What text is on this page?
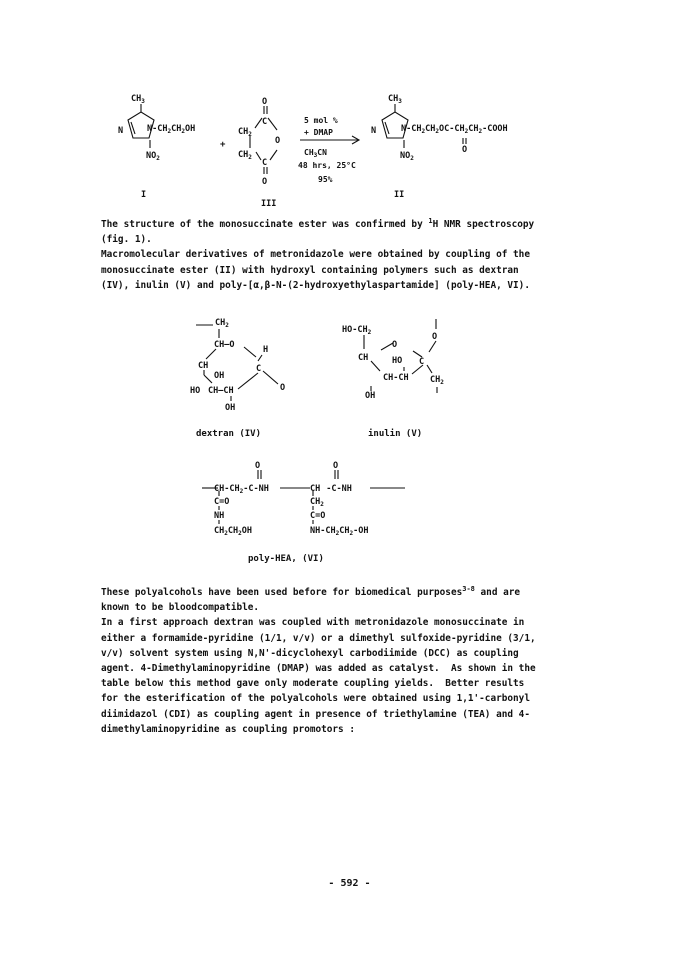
$CH_3$
N	$N-CH_2CH_2OH$
$NO_2$
I
+
O
C
$CH_2$
O
$CH_2$
C
O
III
5 mol %
+ DMAP
$CH_3CN$
48 hrs, 25°C
95%
$CH_3$
N	$N-CH_2CH_2OC-CH_2CH_2$-COOH
O
$NO_2$
II

The structure of the monosuccinate ester was confirmed by $^1$H NMR spectroscopy

(fig. 1).

Macromolecular derivatives of metronidazole were obtained by coupling of the

monosuccinate ester (II) with hydroxyl containing polymers such as dextran

(IV), inulin (V) and poly-[α,β-N-(2-hydroxyethylaspartamide] (poly-HEA, VI).

$CH_2$
CH—O	H
C
O
CH
OH
HO CH—CH
OH
dextran (IV)
$HO-CH_2$	O
O
CH	HO C
CH-CH	$CH_2$
OH
inulin (V)
O	O
$CH-CH_2-C-NH$	CH -C-NH
C=O
NH
$CH_2CH_2OH$
$CH_2$
C=O
$NH-CH_2CH_2-OH$
poly-HEA, (VI)

These polyalcohols have been used before for biomedical purposes$^{3-8}$ and are

known to be bloodcompatible.

In a first approach dextran was coupled with metronidazole monosuccinate in

either a formamide-pyridine (1/1, v/v) or a dimethyl sulfoxide-pyridine (3/1,

v/v) solvent system using N,N'-dicyclohexyl carbodiimide (DCC) as coupling

agent. 4-Dimethylaminopyridine (DMAP) was added as catalyst.  As shown in the

table below this method gave only moderate coupling yields.  Better results

for the esterification of the polyalcohols were obtained using 1,1'-carbonyl

diimidazol (CDI) as coupling agent in presence of triethylamine (TEA) and 4-

dimethylaminopyridine as coupling promotors :

- 592 -
